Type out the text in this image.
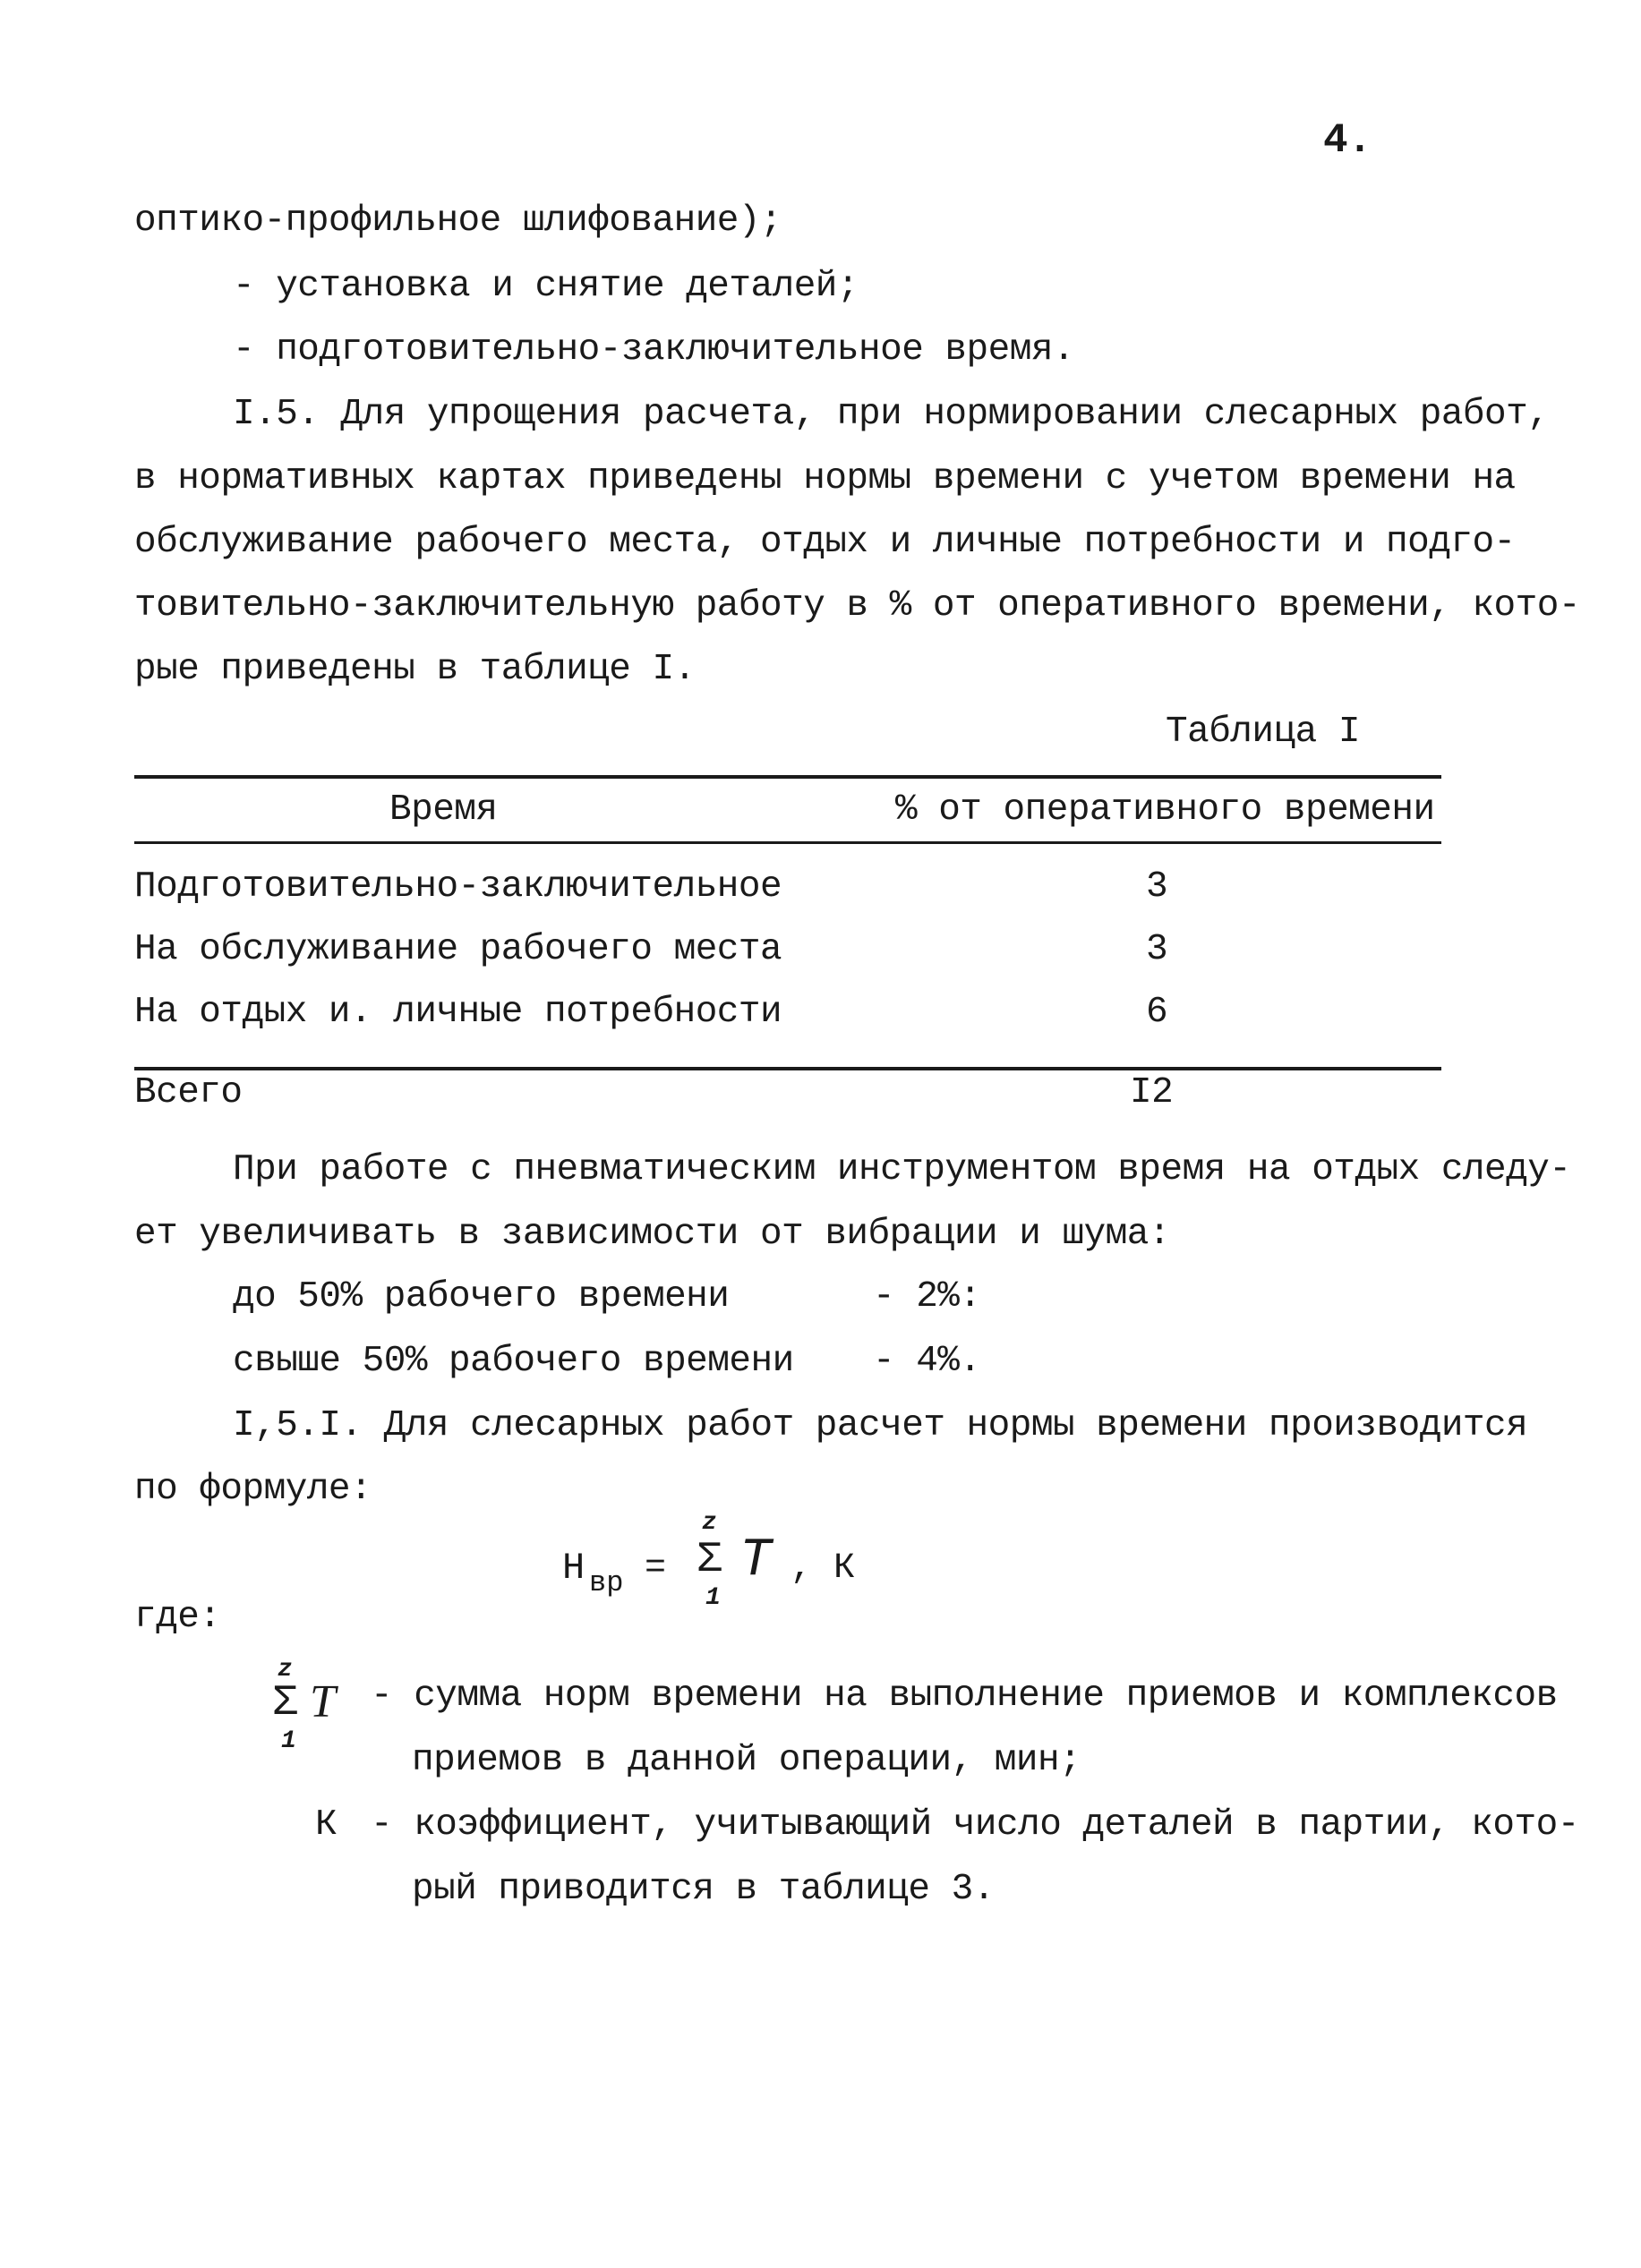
4.
оптико-профильное шлифование);
- установка и снятие деталей;
- подготовительно-заключительное время.
I.5. Для упрощения расчета, при нормировании слесарных работ,
в нормативных картах приведены нормы времени с учетом времени на
обслуживание рабочего места, отдых и личные потребности и подго-
товительно-заключительную работу в % от оперативного времени, кото-
рые приведены в таблице I.
Таблица I
Время	% от оперативного времени
Подготовительно-заключительное	3
На обслуживание рабочего места	3
На отдых и. личные потребности	6
Всего	I2
При работе с пневматическим инструментом время на отдых следу-
ет увеличивать в зависимости от вибрации и шума:
до 50% рабочего времени	- 2%:
свыше 50% рабочего времени - 4%.
I,5.I. Для слесарных работ расчет нормы времени производится
по формуле:
Н вр =
z
Σ
1
T , К
где:
z
Σ
1
T - сумма норм времени на выполнение приемов и комплексов
приемов в данной операции, мин;
К - коэффициент, учитывающий число деталей в партии, кото-
рый приводится в таблице 3.
